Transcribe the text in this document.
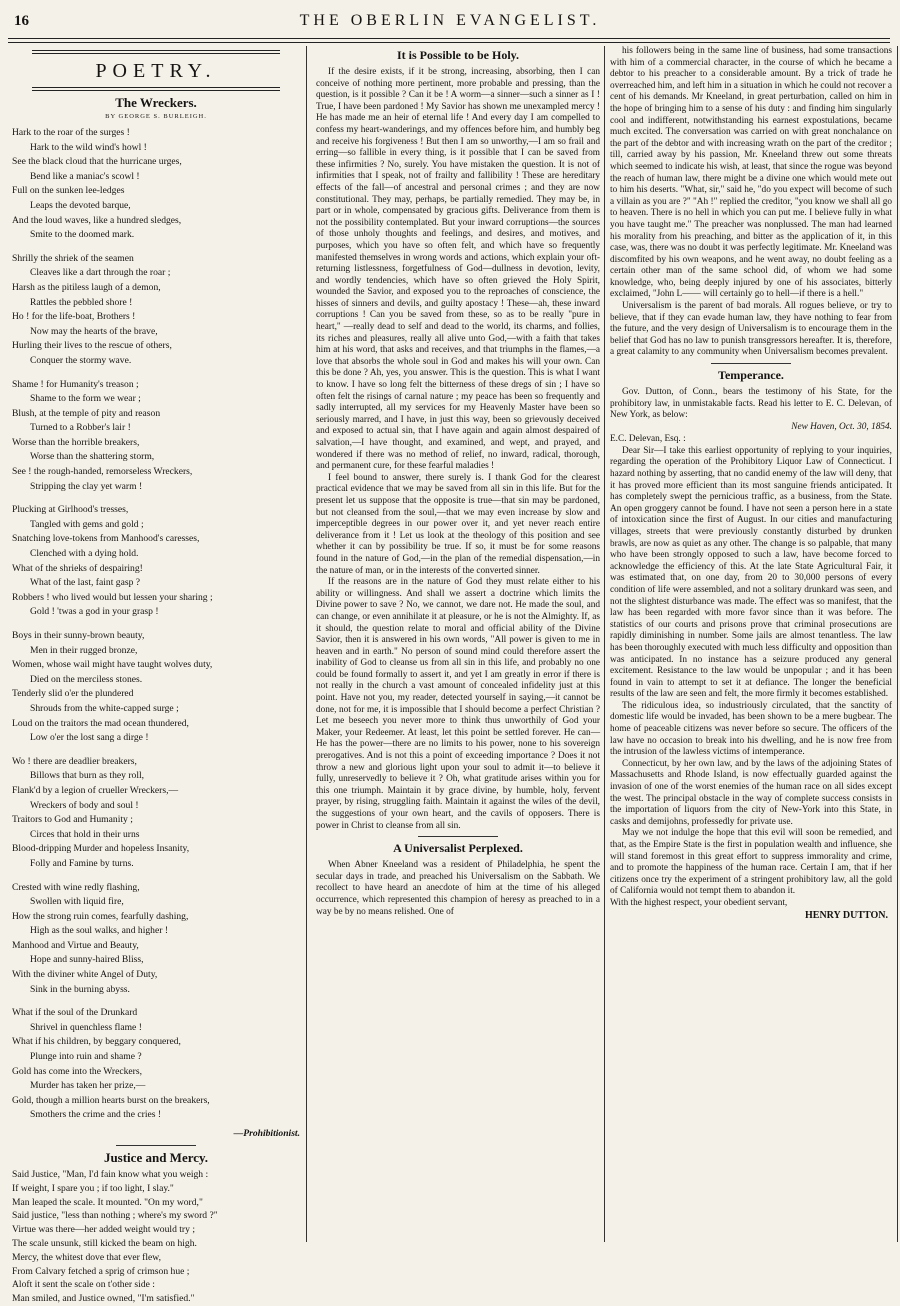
16	THE OBERLIN EVANGELIST.
POETRY.
The Wreckers.
BY GEORGE S. BURLEIGH.
Hark to the roar of the surges !
Hark to the wild wind's howl !
See the black cloud that the hurricane urges,
Bend like a maniac's scowl !
Full on the sunken lee-ledges
Leaps the devoted barque,
And the loud waves, like a hundred sledges,
Smite to the doomed mark.
Shrilly the shriek of the seamen
Cleaves like a dart through the roar ;
Harsh as the pitiless laugh of a demon,
Rattles the pebbled shore !
Ho ! for the life-boat, Brothers !
Now may the hearts of the brave,
Hurling their lives to the rescue of others,
Conquer the stormy wave.
Shame ! for Humanity's treason ;
Shame to the form we wear ;
Blush, at the temple of pity and reason
Turned to a Robber's lair !
Worse than the horrible breakers,
Worse than the shattering storm,
See ! the rough-handed, remorseless Wreckers,
Stripping the clay yet warm !
Plucking at Girlhood's tresses,
Tangled with gems and gold ;
Snatching love-tokens from Manhood's caresses,
Clenched with a dying hold.
What of the shrieks of despairing!
What of the last, faint gasp ?
Robbers ! who lived would but lessen your sharing ;
Gold ! 'twas a god in your grasp !
Boys in their sunny-brown beauty,
Men in their rugged bronze,
Women, whose wail might have taught wolves duty,
Died on the merciless stones.
Tenderly slid o'er the plundered
Shrouds from the white-capped surge ;
Loud on the traitors the mad ocean thundered,
Low o'er the lost sang a dirge !
Wo ! there are deadlier breakers,
Billows that burn as they roll,
Flank'd by a legion of crueller Wreckers,—
Wreckers of body and soul !
Traitors to God and Humanity ;
Circes that hold in their urns
Blood-dripping Murder and hopeless Insanity,
Folly and Famine by turns.
Crested with wine redly flashing,
Swollen with liquid fire,
How the strong ruin comes, fearfully dashing,
High as the soul walks, and higher !
Manhood and Virtue and Beauty,
Hope and sunny-haired Bliss,
With the diviner white Angel of Duty,
Sink in the burning abyss.
What if the soul of the Drunkard
Shrivel in quenchless flame !
What if his children, by beggary conquered,
Plunge into ruin and shame ?
Gold has come into the Wreckers,
Murder has taken her prize,—
Gold, though a million hearts burst on the breakers,
Smothers the crime and the cries !
—Prohibitionist.
Justice and Mercy.
Said Justice, "Man, I'd fain know what you weigh :
If weight, I spare you ; if too light, I slay."
Man leaped the scale. It mounted. "On my word,"
Said justice, "less than nothing ; where's my sword ?"
Virtue was there—her added weight would try ;
The scale unsunk, still kicked the beam on high.
Mercy, the whitest dove that ever flew,
From Calvary fetched a sprig of crimson hue ;
Aloft it sent the scale on t'other side :
Man smiled, and Justice owned, "I'm satisfied."
It is Possible to be Holy.

If the desire exists, if it be strong, increasing, absorbing, then I can conceive of nothing more pertinent, more probable and pressing, than the question, is it possible ? Can it be ! A worm—a sinner—such a sinner as I ! True, I have been pardoned ! My Savior has shown me unexampled mercy ! He has made me an heir of eternal life ! And every day I am compelled to confess my heart-wanderings, and my offences before him, and humbly beg and receive his forgiveness ! But then I am so unworthy,—I am so frail and erring—so fallible in every thing, is it possible that I can be saved from these infirmities ? No, surely. You have mistaken the question. It is not of infirmities that I speak, not of frailty and fallibility ! These are hereditary effects of the fall—of ancestral and personal crimes ; and they are now constitutional. They may, perhaps, be partially remedied. They may be, in part or in whole, compensated by gracious gifts. Deliverance from them is not the possibility contemplated. But your inward corruptions—the sources of those unholy thoughts and feelings, and desires, and motives, and purposes, which you have so often felt, and which have so frequently manifested themselves in wrong words and actions, which explain your oft-returning listlessness, forgetfulness of God—dullness in devotion, levity, and wordly tendencies, which have so often grieved the Holy Spirit, wounded the Savior, and exposed you to the reproaches of conscience, the hisses of sinners and devils, and guilty apostacy ! These—ah, these inward corruptions ! Can you be saved from these, so as to be really "pure in heart," —really dead to self and dead to the world, its charms, and follies, its riches and pleasures, really all alive unto God,—with a faith that takes him at his word, that asks and receives, and that triumphs in the flames,—a love that absorbs the whole soul in God and makes his will your own. Can this be done ? Ah, yes, you answer. This is the question. This is what I want to know. I have so long felt the bitterness of these dregs of sin ; I have so often felt the risings of carnal nature ; my peace has been so frequently and sadly interrupted, all my services for my Heavenly Master have been so seriously marred, and I have, in just this way, been so grievously deceived and exposed to actual sin, that I have again and again almost despaired of salvation,—I have thought, and examined, and wept, and prayed, and wondered if there was no method of relief, no inward, radical, thorough, and permanent cure, for these fearful maladies !

I feel bound to answer, there surely is. I thank God for the clearest practical evidence that we may be saved from all sin in this life. But for the present let us suppose that the opposite is true—that sin may be pardoned, but not cleansed from the soul,—that we may even increase by slow and imperceptible degrees in our power over it, and yet never reach entire deliverance from it ! Let us look at the theology of this position and see whether it can by possibility be true. If so, it must be for some reasons found in the nature of God,—in the plan of the remedial dispensation,—in the nature of man, or in the interests of the converted sinner.

If the reasons are in the nature of God they must relate either to his ability or willingness. And shall we assert a doctrine which limits the Divine power to save ? No, we cannot, we dare not. He made the soul, and can change, or even annihilate it at pleasure, or he is not the Almighty. If, as it should, the question relate to moral and official ability of the Divine Savior, then it is answered in his own words, "All power is given to me in heaven and in earth." No person of sound mind could therefore assert the inability of God to cleanse us from all sin in this life, and probably no one could be found formally to assert it, and yet I am greatly in error if there is not really in the church a vast amount of concealed infidelity just at this point. Have not you, my reader, detected yourself in saying,—it cannot be done, not for me, it is impossible that I should become a perfect Christian ? Let me beseech you never more to think thus unworthily of God your Maker, your Redeemer. At least, let this point be settled forever. He can—He has the power—there are no limits to his power, none to his sovereign prerogatives. And is not this a point of exceeding importance ? Does it not throw a new and glorious light upon your soul to admit it—to believe it fully, unreservedly to believe it ? Oh, what gratitude arises within you for this one triumph. Maintain it by grace divine, by humble, holy, fervent prayer, by rising, struggling faith. Maintain it against the wiles of the devil, the suggestions of your own heart, and the cavils of opposers. There is power in Christ to cleanse from all sin.

A Universalist Perplexed.

When Abner Kneeland was a resident of Philadelphia, he spent the secular days in trade, and preached his Universalism on the Sabbath. We recollect to have heard an anecdote of him at the time of his alleged occurrence, which represented this champion of heresy as preached to in a way be by no means relished. One of

his followers being in the same line of business, had some transactions with him of a commercial character, in the course of which he became a debtor to his preacher to a considerable amount. By a trick of trade he overreached him, and left him in a situation in which he could not recover a cent of his demands. Mr Kneeland, in great perturbation, called on him in the hope of bringing him to a sense of his duty : and finding him singularly cool and indifferent, notwithstanding his earnest expostulations, became much excited. The conversation was carried on with great nonchalance on the part of the debtor and with increasing wrath on the part of the creditor ; till, carried away by his passion, Mr. Kneeland threw out some threats which seemed to indicate his wish, at least, that since the rogue was beyond the reach of human law, there might be a divine one which would mete out to him his deserts. "What, sir," said he, "do you expect will become of such a villain as you are ?" "Ah !" replied the creditor, "you know we shall all go to heaven. There is no hell in which you can put me. I believe fully in what you have taught me." The preacher was nonplussed. The man had learned his morality from his preaching, and bitter as the application of it, in this case, was, there was no doubt it was perfectly legitimate. Mr. Kneeland was discomfited by his own weapons, and he went away, no doubt feeling as a certain other man of the same school did, of whom we had some knowledge, who, being deeply injured by one of his associates, bitterly exclaimed, "John L—— will certainly go to hell—if there is a hell."

Universalism is the parent of bad morals. All rogues believe, or try to believe, that if they can evade human law, they have nothing to fear from the future, and the very design of Universalism is to encourage them in the belief that God has no law to punish transgressors hereafter. It is, therefore, a great calamity to any community when Universalism becomes prevalent.

Temperance.

Gov. Dutton, of Conn., bears the testimony of his State, for the prohibitory law, in unmistakable facts. Read his letter to E. C. Delevan, of New York, as below:

New Haven, Oct. 30, 1854.
E.C. Delevan, Esq. :

Dear Sir—I take this earliest opportunity of replying to your inquiries, regarding the operation of the Prohibitory Liquor Law of Connecticut. I hazard nothing by asserting, that no candid enemy of the law will deny, that it has proved more efficient than its most sanguine friends anticipated. It has completely swept the pernicious traffic, as a business, from the State. An open groggery cannot be found. I have not seen a person here in a state of intoxication since the first of August. In our cities and manufacturing villages, streets that were previously constantly disturbed by drunken brawls, are now as quiet as any other. The change is so palpable, that many who have been strongly opposed to such a law, have become forced to acknowledge the efficiency of this. At the late State Agricultural Fair, it was estimated that, on one day, from 20 to 30,000 persons of every condition of life were assembled, and not a solitary drunkard was seen, and not the slightest disturbance was made. The effect was so manifest, that the law has been regarded with more favor since than it was before. The statistics of our courts and prisons prove that criminal prosecutions are rapidly diminishing in number. Some jails are almost tenantless. The law has been thoroughly executed with much less difficulty and opposition than was anticipated. In no instance has a seizure produced any general excitement. Resistance to the law would be unpopular ; and it has been found in vain to attempt to set it at defiance. The longer the beneficial results of the law are seen and felt, the more firmly it becomes established.

The ridiculous idea, so industriously circulated, that the sanctity of domestic life would be invaded, has been shown to be a mere bugbear. The home of peaceable citizens was never before so secure. The officers of the law have no occasion to break into his dwelling, and he is now free from the intrusion of the lawless victims of intemperance.

Connecticut, by her own law, and by the laws of the adjoining States of Massachusetts and Rhode Island, is now effectually guarded against the invasion of one of the worst enemies of the human race on all sides except the west. The principal obstacle in the way of complete success consists in the importation of liquors from the city of New-York into this State, in casks and demijohns, professedly for private use.

May we not indulge the hope that this evil will soon be remedied, and that, as the Empire State is the first in population wealth and influence, she will stand foremost in this great effort to suppress immorality and crime, and to promote the happiness of the human race. Certain I am, that if her citizens once try the experiment of a stringent prohibitory law, all the gold of California would not tempt them to abandon it.

With the highest respect, your obedient servant,

HENRY DUTTON.
